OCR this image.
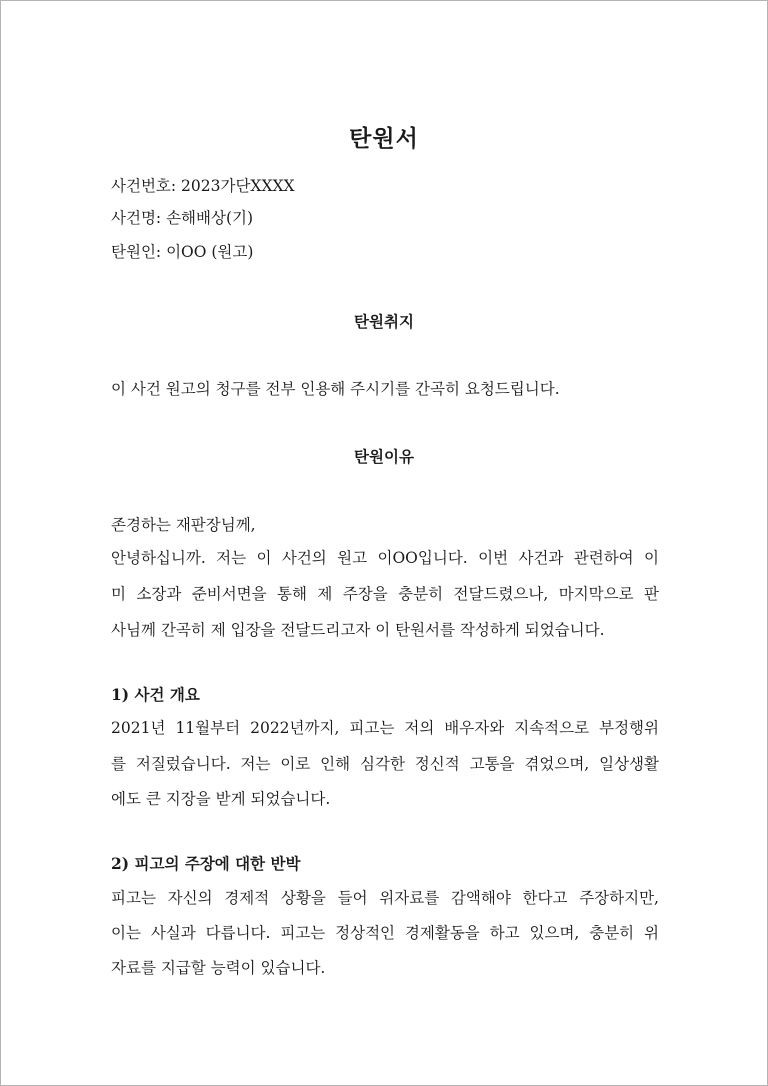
탄원서
사건번호: 2023가단XXXX
사건명: 손해배상(기)
탄원인: 이OO (원고)
탄원취지
이 사건 원고의 청구를 전부 인용해 주시기를 간곡히 요청드립니다.
탄원이유
존경하는 재판장님께,
안녕하십니까. 저는 이 사건의 원고 이OO입니다. 이번 사건과 관련하여 이
미 소장과 준비서면을 통해 제 주장을 충분히 전달드렸으나, 마지막으로 판
사님께 간곡히 제 입장을 전달드리고자 이 탄원서를 작성하게 되었습니다.
1) 사건 개요
2021년 11월부터 2022년까지, 피고는 저의 배우자와 지속적으로 부정행위
를 저질렀습니다. 저는 이로 인해 심각한 정신적 고통을 겪었으며, 일상생활
에도 큰 지장을 받게 되었습니다.
2) 피고의 주장에 대한 반박
피고는 자신의 경제적 상황을 들어 위자료를 감액해야 한다고 주장하지만,
이는 사실과 다릅니다. 피고는 정상적인 경제활동을 하고 있으며, 충분히 위
자료를 지급할 능력이 있습니다.
